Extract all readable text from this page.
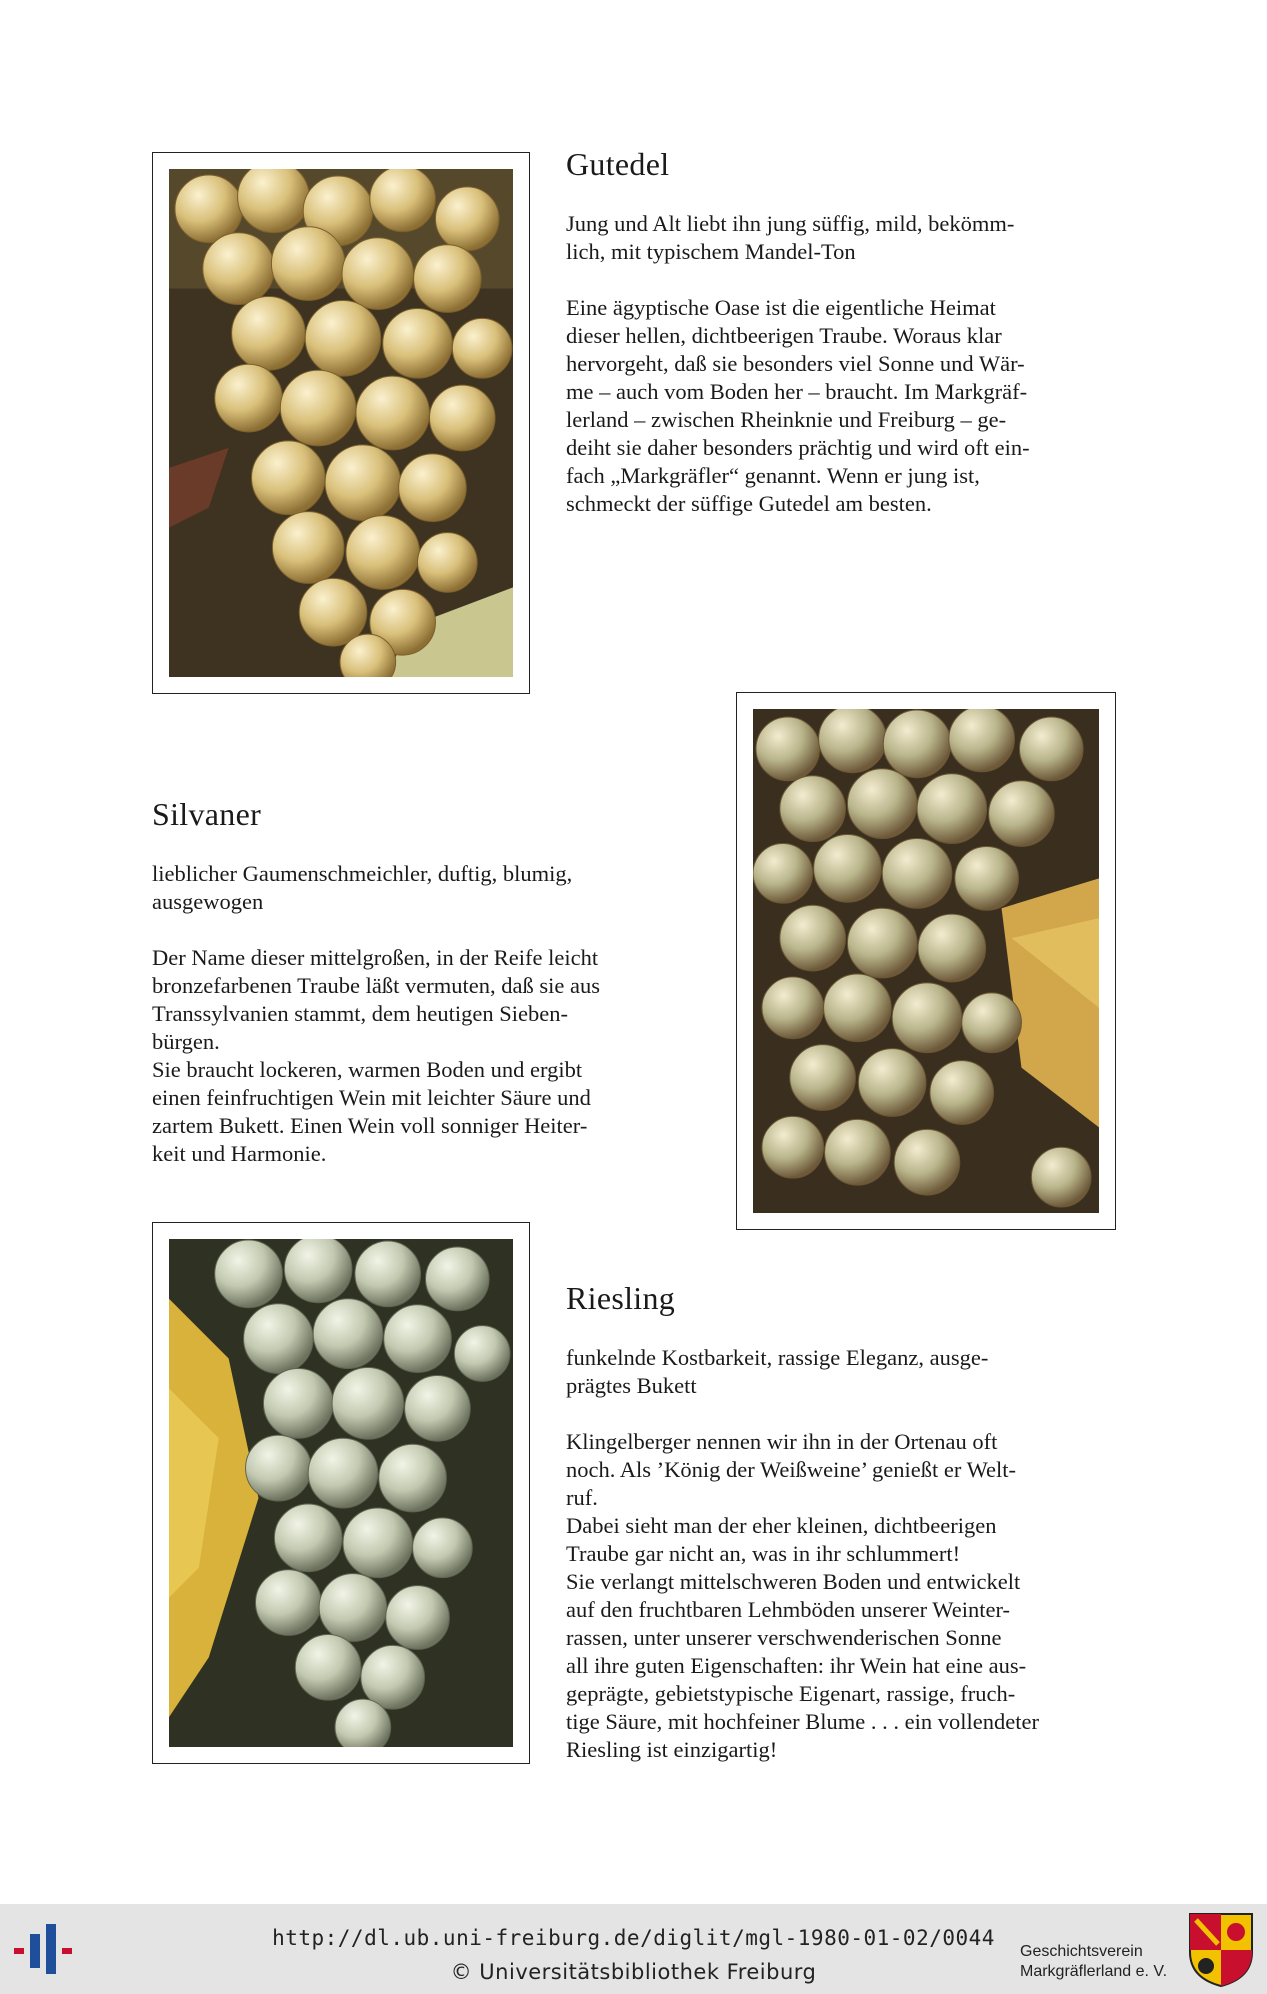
Gutedel

Jung und Alt liebt ihn jung süffig, mild, bekömm-

lich, mit typischem Mandel-Ton

Eine ägyptische Oase ist die eigentliche Heimat

dieser hellen, dichtbeerigen Traube. Woraus klar

hervorgeht, daß sie besonders viel Sonne und Wär-

me – auch vom Boden her – braucht. Im Markgräf-

lerland – zwischen Rheinknie und Freiburg – ge-

deiht sie daher besonders prächtig und wird oft ein-

fach „Markgräfler“ genannt. Wenn er jung ist,

schmeckt der süffige Gutedel am besten.

Silvaner

lieblicher Gaumenschmeichler, duftig, blumig,

ausgewogen

Der Name dieser mittelgroßen, in der Reife leicht

bronzefarbenen Traube läßt vermuten, daß sie aus

Transsylvanien stammt, dem heutigen Sieben-

bürgen.

Sie braucht lockeren, warmen Boden und ergibt

einen feinfruchtigen Wein mit leichter Säure und

zartem Bukett. Einen Wein voll sonniger Heiter-

keit und Harmonie.

Riesling

funkelnde Kostbarkeit, rassige Eleganz, ausge-

prägtes Bukett

Klingelberger nennen wir ihn in der Ortenau oft

noch. Als ’König der Weißweine’ genießt er Welt-

ruf.

Dabei sieht man der eher kleinen, dichtbeerigen

Traube gar nicht an, was in ihr schlummert!

Sie verlangt mittelschweren Boden und entwickelt

auf den fruchtbaren Lehmböden unserer Weinter-

rassen, unter unserer verschwenderischen Sonne

all ihre guten Eigenschaften: ihr Wein hat eine aus-

geprägte, gebietstypische Eigenart, rassige, fruch-

tige Säure, mit hochfeiner Blume . . . ein vollendeter

Riesling ist einzigartig!

http://dl.ub.uni-freiburg.de/diglit/mgl-1980-01-02/0044
© Universitätsbibliothek Freiburg
Geschichtsverein
Markgräflerland e. V.
